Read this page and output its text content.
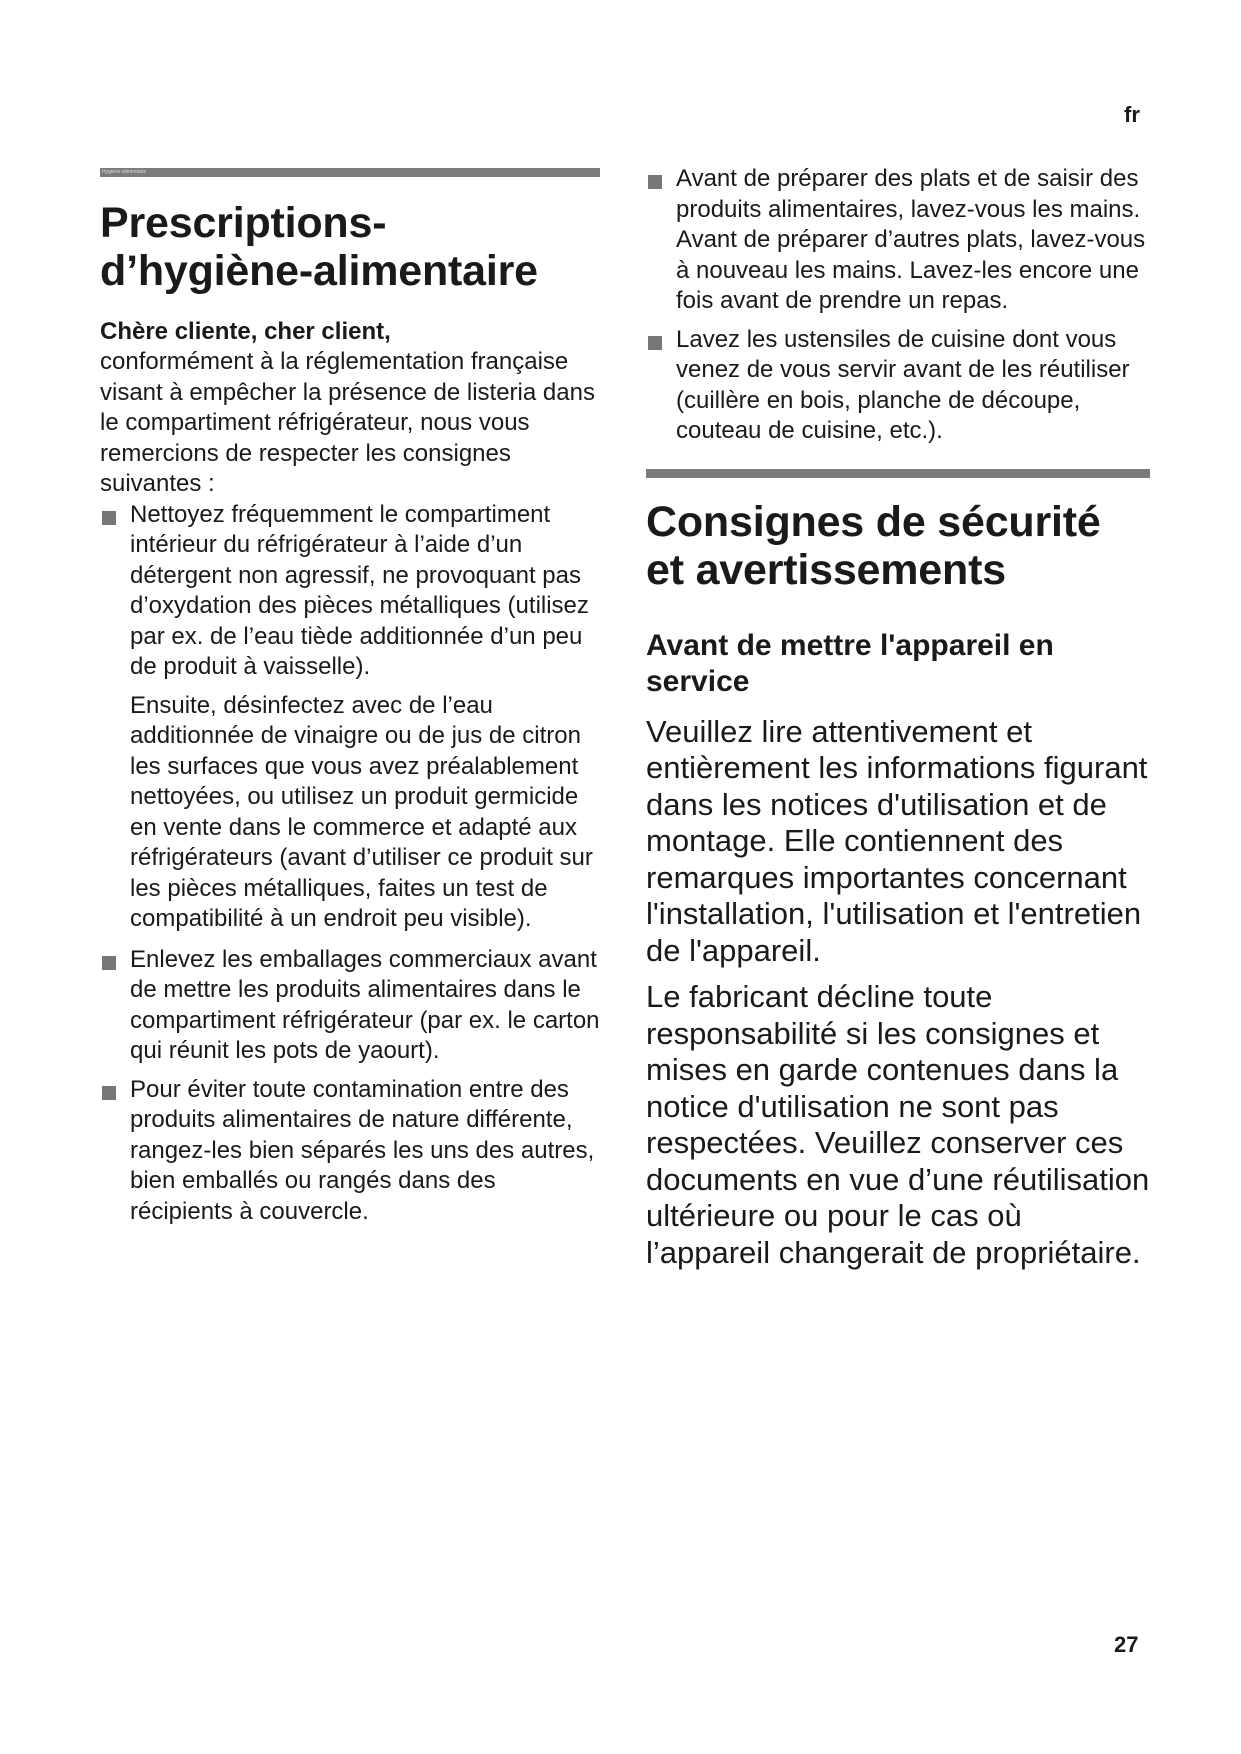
fr
Hygiène alimentaire
Prescriptions-
d’hygiène-alimentaire
Chère cliente, cher client,
conformément à la réglementation française visant à empêcher la présence de listeria dans le compartiment réfrigérateur, nous vous remercions de respecter les consignes suivantes :
Nettoyez fréquemment le compartiment intérieur du réfrigérateur à l’aide d’un détergent non agressif, ne provoquant pas d’oxydation des pièces métalliques (utilisez par ex. de l’eau tiède additionnée d’un peu de produit à vaisselle).
Ensuite, désinfectez avec de l’eau additionnée de vinaigre ou de jus de citron les surfaces que vous avez préalablement nettoyées, ou utilisez un produit germicide en vente dans le commerce et adapté aux réfrigérateurs (avant d’utiliser ce produit sur les pièces métalliques, faites un test de compatibilité à un endroit peu visible).
Enlevez les emballages commerciaux avant de mettre les produits alimentaires dans le compartiment réfrigérateur (par ex. le carton qui réunit les pots de yaourt).
Pour éviter toute contamination entre des produits alimentaires de nature différente, rangez-les bien séparés les uns des autres, bien emballés ou rangés dans des récipients à couvercle.
Avant de préparer des plats et de saisir des produits alimentaires, lavez-vous les mains. Avant de préparer d’autres plats, lavez-vous à nouveau les mains. Lavez-les encore une fois avant de prendre un repas.
Lavez les ustensiles de cuisine dont vous venez de vous servir avant de les réutiliser (cuillère en bois, planche de découpe, couteau de cuisine, etc.).
Consignes de sécurité
et avertissements
Avant de mettre l'appareil en service

Veuillez lire attentivement et entièrement les informations figurant dans les notices d'utilisation et de montage. Elle contiennent des remarques importantes concernant l'installation, l'utilisation et l'entretien de l'appareil.

Le fabricant décline toute responsabilité si les consignes et mises en garde contenues dans la notice d'utilisation ne sont pas respectées. Veuillez conserver ces documents en vue d’une réutilisation ultérieure ou pour le cas où l’appareil changerait de propriétaire.

27
